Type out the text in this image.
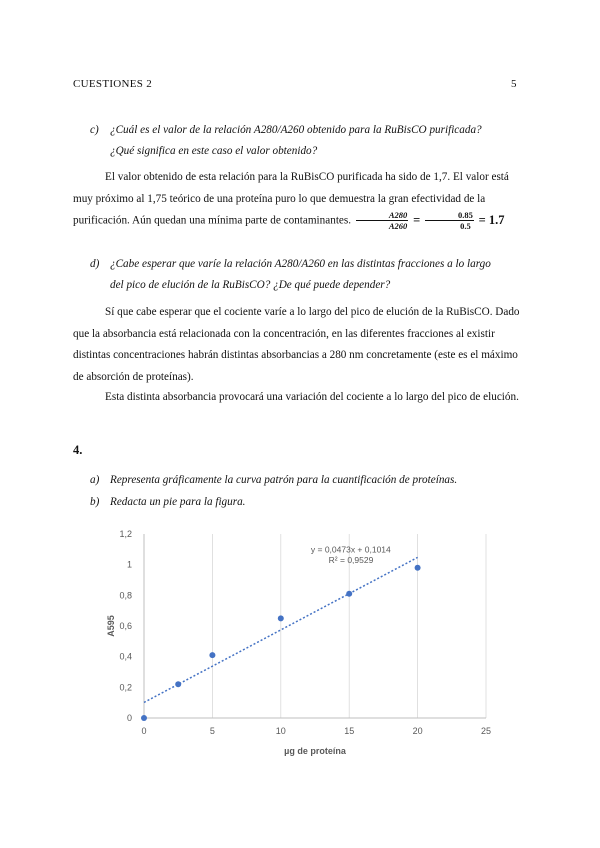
CUESTIONES 2	5
c) ¿Cuál es el valor de la relación A280/A260 obtenido para la RuBisCO purificada?
¿Qué significa en este caso el valor obtenido?
El valor obtenido de esta relación para la RuBisCO purificada ha sido de 1,7. El valor está muy próximo al 1,75 teórico de una proteína puro lo que demuestra la gran efectividad de la purificación. Aún quedan una mínima parte de contaminantes. $\frac{A280}{A260} = \frac{0.85}{0.5} = 1.7$
d) ¿Cabe esperar que varíe la relación A280/A260 en las distintas fracciones a lo largo
del pico de elución de la RuBisCO? ¿De qué puede depender?
Sí que cabe esperar que el cociente varíe a lo largo del pico de elución de la RuBisCO. Dado que la absorbancia está relacionada con la concentración, en las diferentes fracciones al existir distintas concentraciones habrán distintas absorbancias a 280 nm concretamente (este es el máximo de absorción de proteínas).
Esta distinta absorbancia provocará una variación del cociente a lo largo del pico de elución.
4.
a) Representa gráficamente la curva patrón para la cuantificación de proteínas.
b) Redacta un pie para la figura.
0	5	10	15	20	25
0
0,2
0,4
0,6
0,8
1
1,2
y = 0,0473x + 0,1014
R² = 0,9529
µg de proteína
A595
